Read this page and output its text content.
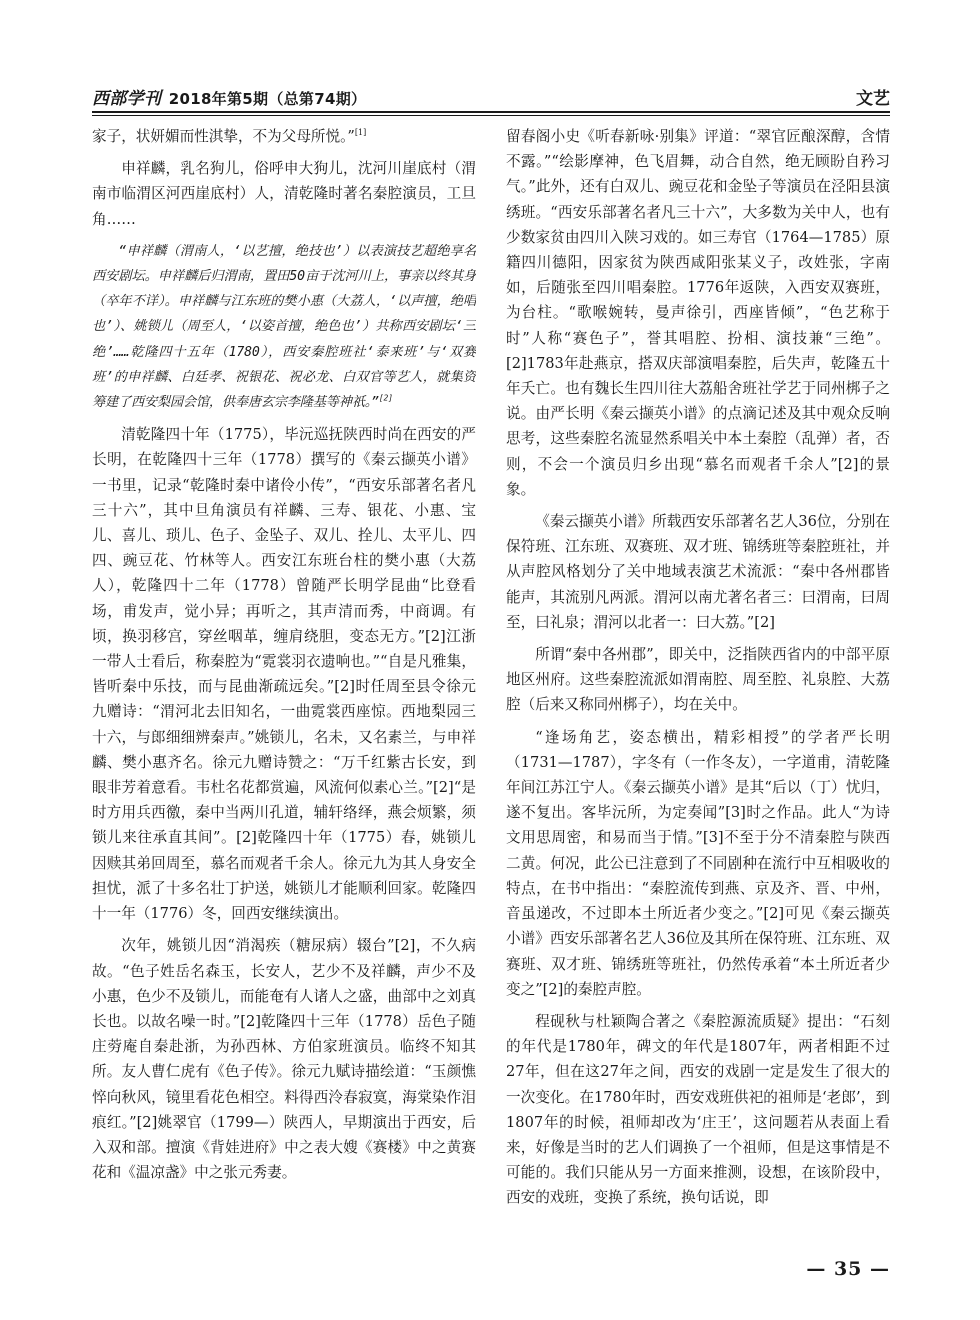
西部学刊 2018年第5期（总第74期）	文艺

家子，状妍媚而性淇挚，不为父母所悦。”[1]

申祥麟，乳名狗儿，俗呼申大狗儿，沈河川崖底村（渭南市临渭区河西崖底村）人，清乾隆时著名秦腔演员，工旦角……

“申祥麟（渭南人，‘以艺擅，绝技也’）以表演技艺超绝享名西安剧坛。申祥麟后归渭南，置田50亩于沈河川上，事亲以终其身（卒年不详）。申祥麟与江东班的樊小惠（大荔人，‘以声擅，绝唱也’）、姚锁儿（周至人，‘以姿首擅，绝色也’）共称西安剧坛‘三绝’……乾隆四十五年（1780），西安秦腔班社‘泰来班’与‘双赛班’的申祥麟、白廷孝、祝银花、祝必龙、白双官等艺人，就集资筹建了西安梨园会馆，供奉唐玄宗李隆基等神祇。”[2]

清乾隆四十年（1775），毕沅巡抚陕西时尚在西安的严长明，在乾隆四十三年（1778）撰写的《秦云撷英小谱》一书里，记录“乾隆时秦中诸伶小传”，“西安乐部著名者凡三十六”，其中旦角演员有祥麟、三寿、银花、小惠、宝儿、喜儿、琐儿、色子、金坠子、双儿、拴儿、太平儿、四四、豌豆花、竹林等人。西安江东班台柱的樊小惠（大荔人），乾隆四十二年（1778）曾随严长明学昆曲“比登看场，甫发声，觉小异；再听之，其声清而秀，中商调。有顷，换羽移宫，穿丝咽革，缠肩绕胆，变态无方。”[2]江浙一带人士看后，称秦腔为“霓裳羽衣遗响也。”“自是凡雅集，皆听秦中乐技，而与昆曲渐疏远矣。”[2]时任周至县令徐元九赠诗：“渭河北去旧知名，一曲霓裳西座惊。西地梨园三十六，与郎细细辨秦声。”姚锁儿，名未，又名素兰，与申祥麟、樊小惠齐名。徐元九赠诗赞之：“万千红紫古长安，到眼非芳着意看。韦杜名花都赏遍，风流何似素心兰。”[2]“是时方用兵西徼，秦中当两川孔道，辅轩络绎，燕会烦繁，须锁儿来往承直其间”。[2]乾隆四十年（1775）春，姚锁儿因赎其弟回周至，慕名而观者千余人。徐元九为其人身安全担忧，派了十多名壮丁护送，姚锁儿才能顺利回家。乾隆四十一年（1776）冬，回西安继续演出。

次年，姚锁儿因“消渴疾（糖尿病）辍台”[2]，不久病故。“色子姓岳名森玉，长安人，艺少不及祥麟，声少不及小惠，色少不及锁儿，而能奄有人诸人之盛，曲部中之刘真长也。以故名噪一时。”[2]乾隆四十三年（1778）岳色子随庄䓖庵自秦赴浙，为孙西林、方伯家班演员。临终不知其所。友人曹仁虎有《色子传》。徐元九赋诗描绘道：“玉颜憔悴向秋风，镜里看花色相空。料得西泠春寂寞，海棠染作泪痕红。”[2]姚翠官（1799—）陕西人，早期演出于西安，后入双和部。擅演《背娃进府》中之表大嫂《赛楼》中之黄赛花和《温凉盏》中之张元秀妻。

留春阁小史《听春新咏·别集》评道：“翠官匠酿深醇，含情不露。”“绘影摩神，色飞眉舞，动合自然，绝无顾盼自矜习气。”此外，还有白双儿、豌豆花和金坠子等演员在泾阳县演绣班。“西安乐部著名者凡三十六”，大多数为关中人，也有少数家贫由四川入陕习戏的。如三寿官（1764—1785）原籍四川德阳，因家贫为陕西咸阳张某义子，改姓张，字南如，后随张至四川唱秦腔。1776年返陕，入西安双赛班，为台柱。“歌喉婉转，曼声徐引，西座皆倾”，“色艺称于时”人称“赛色子”，誉其唱腔、扮相、演技兼“三绝”。[2]1783年赴燕京，搭双庆部演唱秦腔，后失声，乾隆五十年夭亡。也有魏长生四川往大荔船舍班社学艺于同州梆子之说。由严长明《秦云撷英小谱》的点滴记述及其中观众反响思考，这些秦腔名流显然系唱关中本土秦腔（乱弹）者，否则，不会一个演员归乡出现“慕名而观者千余人”[2]的景象。

《秦云撷英小谱》所载西安乐部著名艺人36位，分别在保符班、江东班、双赛班、双才班、锦绣班等秦腔班社，并从声腔风格划分了关中地域表演艺术流派：“秦中各州郡皆能声，其流别凡两派。渭河以南尤著名者三：曰渭南，曰周至，曰礼泉；渭河以北者一：曰大荔。”[2]

所谓“秦中各州郡”，即关中，泛指陕西省内的中部平原地区州府。这些秦腔流派如渭南腔、周至腔、礼泉腔、大荔腔（后来又称同州梆子），均在关中。

“逢场角艺，姿态横出，精彩相授”的学者严长明（1731—1787），字冬有（一作冬友），一字道甫，清乾隆年间江苏江宁人。《秦云撷英小谱》是其“后以（丁）忧归，遂不复出。客毕沅所，为定奏闻”[3]时之作品。此人“为诗文用思周密，和易而当于情。”[3]不至于分不清秦腔与陕西二黄。何况，此公已注意到了不同剧种在流行中互相吸收的特点，在书中指出：“秦腔流传到燕、京及齐、晋、中州，音虽递改，不过即本土所近者少变之。”[2]可见《秦云撷英小谱》西安乐部著名艺人36位及其所在保符班、江东班、双赛班、双才班、锦绣班等班社，仍然传承着“本土所近者少变之”[2]的秦腔声腔。

程砚秋与杜颖陶合著之《秦腔源流质疑》提出：“石刻的年代是1780年，碑文的年代是1807年，两者相距不过27年，但在这27年之间，西安的戏剧一定是发生了很大的一次变化。在1780年时，西安戏班供祀的祖师是‘老郎’，到1807年的时候，祖师却改为‘庄王’，这问题若从表面上看来，好像是当时的艺人们调换了一个祖师，但是这事情是不可能的。我们只能从另一方面来推测，设想，在该阶段中，西安的戏班，变换了系统，换句话说，即

— 35 —
